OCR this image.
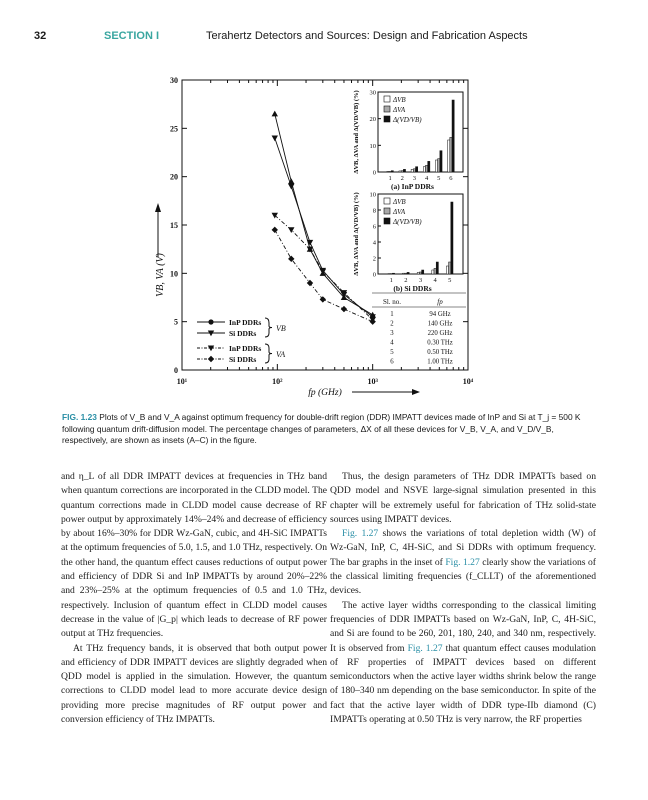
32	SECTION I	Terahertz Detectors and Sources: Design and Fabrication Aspects
0
5
10
15
20
25
30
10¹	10²	10³	10⁴
fp (GHz)
VB, VA (V)
0
10
20
30
1 2 3 4 5 6
ΔVB
ΔVA
Δ(VD/VB)
(a) InP DDRs
ΔVB, ΔVA and Δ(VD/VB) (%)
0
2
4
6
8
10
1 2 3 4 5
ΔVB
ΔVA
Δ(VD/VB)
(b) Si DDRs
ΔVB, ΔVA and Δ(VD/VB) (%)
Sl. no.	fp
1	94 GHz
2	140 GHz
3	220 GHz
4	0.30 THz
5	0.50 THz
6	1.00 THz
InP DDRs
Si DDRs
InP DDRs
Si DDRs
VB
VA
FIG. 1.23 Plots of V_B and V_A against optimum frequency for double-drift region (DDR) IMPATT devices made of InP and Si at T_j = 500 K following quantum drift-diffusion model. The percentage changes of parameters, ΔX of all these devices for V_B, V_A, and V_D/V_B, respectively, are shown as insets (A–C) in the figure.

and η_L of all DDR IMPATT devices at frequencies in THz band when quantum corrections are incorporated in the CLDD model. The quantum corrections made in CLDD model cause decrease of RF power output by approximately 14%–24% and decrease of efficiency by about 16%–30% for DDR Wz-GaN, cubic, and 4H-SiC IMPATTs at the optimum frequencies of 5.0, 1.5, and 1.0 THz, respectively. On the other hand, the quantum effect causes reductions of output power and efficiency of DDR Si and InP IMPATTs by around 20%–22% and 23%–25% at the optimum frequencies of 0.5 and 1.0 THz, respectively. Inclusion of quantum effect in CLDD model causes decrease in the value of |G_p| which leads to decrease of RF power output at THz frequencies.

At THz frequency bands, it is observed that both output power and efficiency of DDR IMPATT devices are slightly degraded when QDD model is applied in the simulation. However, the quantum corrections to CLDD model lead to more accurate device design providing more precise magnitudes of RF output power and conversion efficiency of THz IMPATTs.

Thus, the design parameters of THz DDR IMPATTs based on QDD model and NSVE large-signal simulation presented in this chapter will be extremely useful for fabrication of THz solid-state sources using IMPATT devices.

Fig. 1.27 shows the variations of total depletion width (W) of Wz-GaN, InP, C, 4H-SiC, and Si DDRs with optimum frequency. The bar graphs in the inset of Fig. 1.27 clearly show the variations of the classical limiting frequencies (f_CLLT) of the aforementioned devices.

The active layer widths corresponding to the classical limiting frequencies of DDR IMPATTs based on Wz-GaN, InP, C, 4H-SiC, and Si are found to be 260, 201, 180, 240, and 340 nm, respectively. It is observed from Fig. 1.27 that quantum effect causes modulation of RF properties of IMPATT devices based on different semiconductors when the active layer widths shrink below the range of 180–340 nm depending on the base semiconductor. In spite of the fact that the active layer width of DDR type-IIb diamond (C) IMPATTs operating at 0.50 THz is very narrow, the RF properties
